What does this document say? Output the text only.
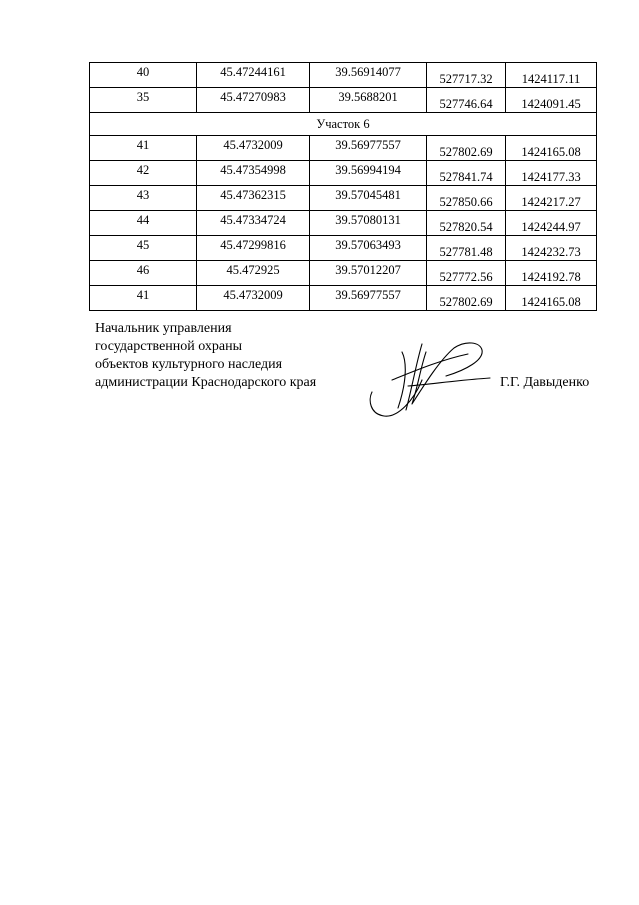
40	45.47244161	39.56914077	527717.32	1424117.11
35	45.47270983	39.5688201	527746.64	1424091.45
Участок 6				
41	45.4732009	39.56977557	527802.69	1424165.08
42	45.47354998	39.56994194	527841.74	1424177.33
43	45.47362315	39.57045481	527850.66	1424217.27
44	45.47334724	39.57080131	527820.54	1424244.97
45	45.47299816	39.57063493	527781.48	1424232.73
46	45.472925	39.57012207	527772.56	1424192.78
41	45.4732009	39.56977557	527802.69	1424165.08
Начальник управления
государственной охраны
объектов культурного наследия
администрации Краснодарского края	Г.Г. Давыденко
